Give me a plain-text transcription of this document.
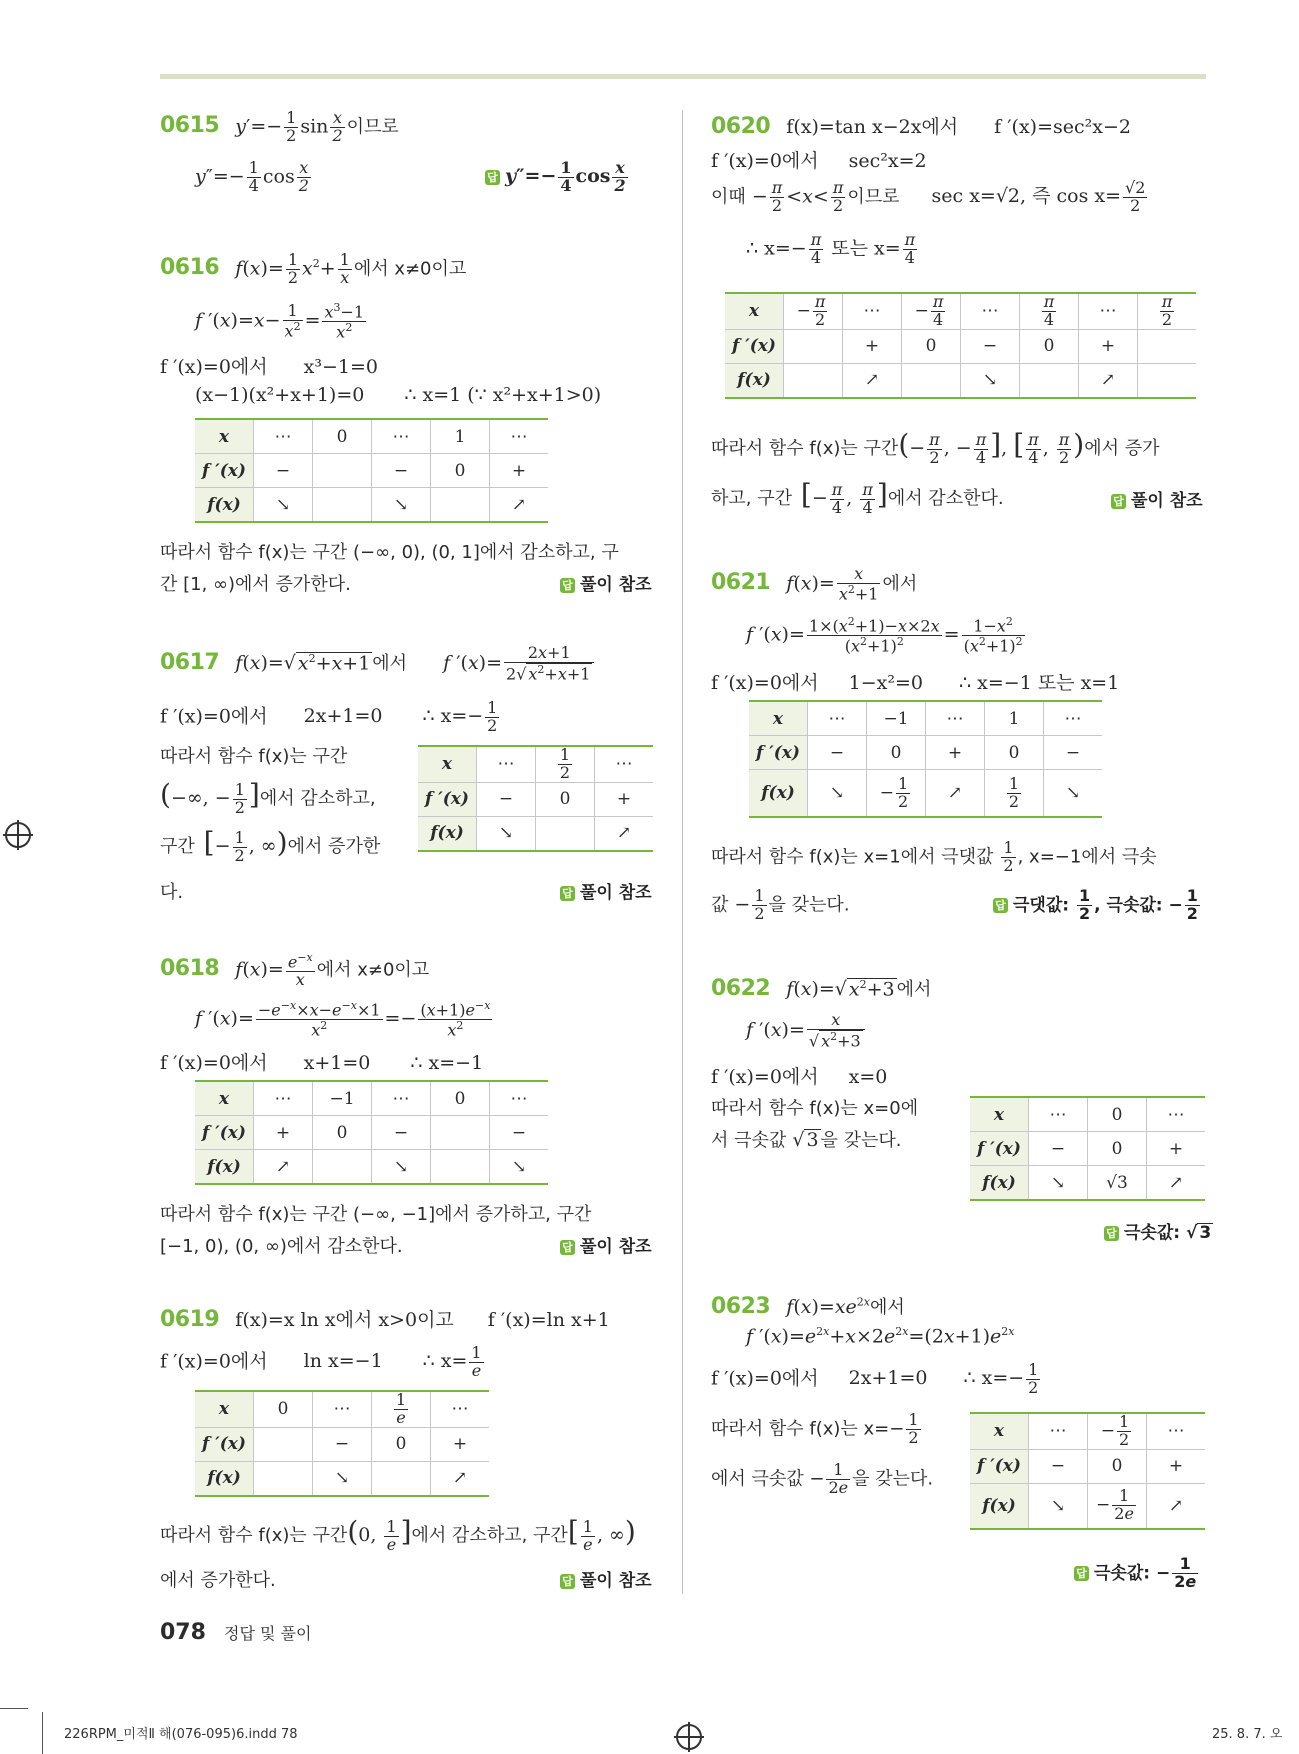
0615 $y'=- \frac{1}{2}$ $\sin \frac{x}{2}$ 이므로
$y''=- \frac{1}{4}$ $\cos \frac{x}{2}$	답 $y''=- \frac{1}{4}$ $\cos \frac{x}{2}$
0616 $f(x)= \frac{1}{2} x^2+ \frac{1}{x}$ 에서 x≠0이고
f $'(x)=x- \frac{1}{x^2} = \frac{x^3-1}{x^2}$
f ′(x)=0에서 x³−1=0
(x−1)(x²+x+1)=0 ∴ x=1 (∵ x²+x+1>0)
x	⋯	0	⋯	1	⋯
f ′(x)	−		−	0	+
f(x)	↘		↘		↗
따라서 함수 f(x)는 구간 (−∞, 0), (0, 1]에서 감소하고, 구
간 [1, ∞)에서 증가한다.	답 풀이 참조
0617 f(x)=√ $x^2+x+1$ 에서 f $'(x)= \frac{2x+1}{2√ x^2+x+1}$
f ′(x)=0에서 2x+1=0 ∴ $x=- \frac{1}{2}$
따라서 함수 f(x)는 구간
(−∞, − $\frac{1}{2}$ ]에서 감소하고,
구간 [− $\frac{1}{2}$ , ∞)에서 증가한
다.
x	⋯	$\frac{1}{2}$	⋯
f ′(x)	−	0	+
f(x)	↘		↗
답 풀이 참조
0618 $f(x)= \frac{e^{-x}}{x}$ 에서 x≠0이고
f $'(x)= \frac{-e^{-x}\times x-e^{-x}\times 1}{x^2} =- \frac{(x+1)e^{-x}}{x^2}$
f ′(x)=0에서 x+1=0 ∴ x=−1
x	⋯	−1	⋯	0	⋯
f ′(x)	+	0	−		−
f(x)	↗		↘		↘
따라서 함수 f(x)는 구간 (−∞, −1]에서 증가하고, 구간
[−1, 0), (0, ∞)에서 감소한다.	답 풀이 참조
0619 f(x)=x ln x에서 x>0이고 f ′(x)=ln x+1
f ′(x)=0에서 ln x=−1 ∴ $x= \frac{1}{e}$
x	0	⋯	$\frac{1}{e}$	⋯
f ′(x)		−	0	+
f(x)		↘		↗
따라서 함수 f(x)는 구간(0, $\frac{1}{e}$ ]에서 감소하고, 구간[ $\frac{1}{e}$ , ∞)
에서 증가한다.	답 풀이 참조
0620 f(x)=tan x−2x에서 f ′(x)=sec²x−2
f ′(x)=0에서 sec²x=2
이때 − $\frac{\pi}{2} <x< \frac{\pi}{2}$ 이므로 sec x=√2, 즉 $\cos x= \frac{√2}{2}$
∴ $x=- \frac{\pi}{4}$ 또는 $x= \frac{\pi}{4}$
x	− $\frac{\pi}{2}$	⋯	− $\frac{\pi}{4}$	⋯	$\frac{\pi}{4}$	⋯	$\frac{\pi}{2}$

f ′(x)		+	0	−	0	+	
f(x)		↗		↘		↗	
따라서 함수 f(x)는 구간(− $\frac{\pi}{2}$ , − $\frac{\pi}{4}$ ], [ $\frac{\pi}{4}$ , $\frac{\pi}{2}$ )에서 증가
하고, 구간 [− $\frac{\pi}{4}$ , $\frac{\pi}{4}$ ]에서 감소한다.	답 풀이 참조
0621 $f(x)= \frac{x}{x^2+1}$ 에서
f $'(x)= \frac{1\times(x^2+1)-x\times 2x}{(x^2+1)^2} = \frac{1-x^2}{(x^2+1)^2}$
f ′(x)=0에서 1−x²=0 ∴ x=−1 또는 x=1
x	⋯	−1	⋯	1	⋯
f ′(x)	−	0	+	0	−
f(x)	↘	− $\frac{1}{2}$	↗	$\frac{1}{2}$	↘
따라서 함수 f(x)는 x=1에서 극댓값 $\frac{1}{2}$ , x=−1에서 극솟
값 − $\frac{1}{2}$ 을 갖는다.	답 극댓값: $\frac{1}{2}$ , 극솟값: − $\frac{1}{2}$
0622 f(x)=√ $x^2+3$ 에서
f $'(x)= \frac{x}{√ x^2+3}$
f ′(x)=0에서 x=0
따라서 함수 f(x)는 x=0에
서 극솟값 √ 3 을 갖는다.
x	⋯	0	⋯
f ′(x)	−	0	+
f(x)	↘	√3	↗
답 극솟값: √ 3
0623 $f(x)=xe^{2x}$에서
f $'(x)=e^{2x}+x\times 2e^{2x}=(2x+1)e^{2x}$
f ′(x)=0에서 2x+1=0 ∴ $x=- \frac{1}{2}$
따라서 함수 f(x)는 $x=- \frac{1}{2}$
에서 극솟값 − $\frac{1}{2e}$ 을 갖는다.
x	⋯	− $\frac{1}{2}$	⋯
f ′(x)	−	0	+
f(x)	↘	− $\frac{1}{2e}$	↗
답 극솟값: − $\frac{1}{2e}$
078 정답 및 풀이
226RPM_미적Ⅱ 해(076-095)6.indd 78	25. 8. 7. 오
